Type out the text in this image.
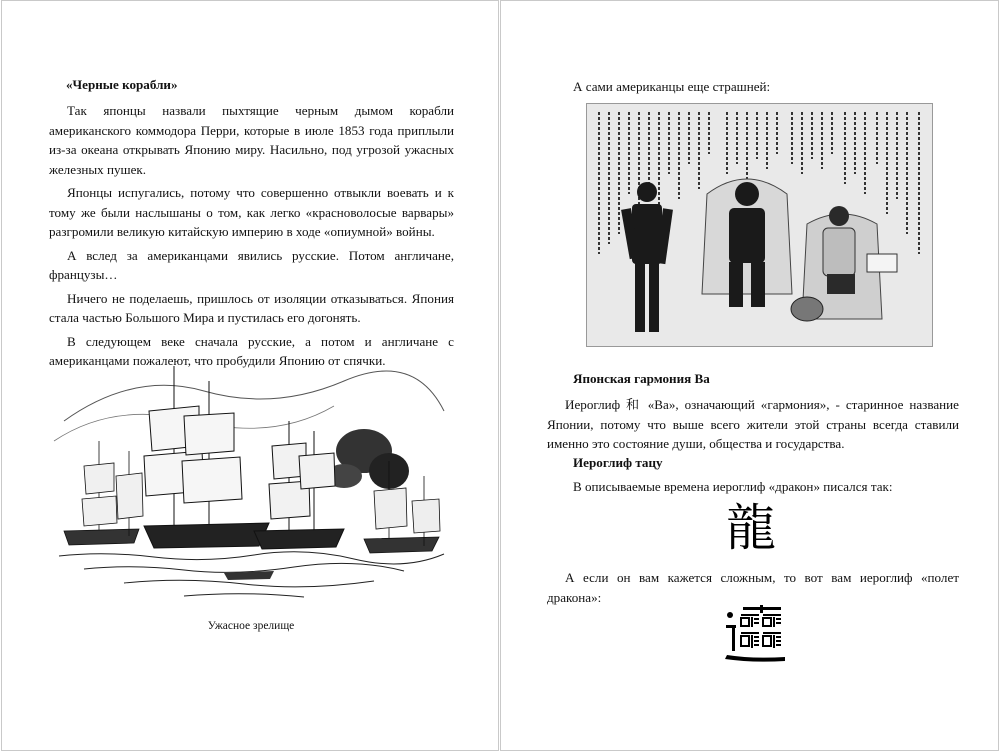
«Черные корабли»

Так японцы назвали пыхтящие черным дымом корабли американского коммодора Перри, которые в июле 1853 года приплыли из-за океана открывать Японию миру. Насильно, под угрозой ужасных железных пушек.

Японцы испугались, потому что совершенно отвыкли воевать и к тому же были наслышаны о том, как легко «красноволосые варвары» разгромили великую китайскую империю в ходе «опиумной» войны.

А вслед за американцами явились русские. Потом англичане, французы…

Ничего не поделаешь, пришлось от изоляции отказываться. Япония стала частью Большого Мира и пустилась его догонять.

В следующем веке сначала русские, а потом и англичане с американцами пожалеют, что пробудили Японию от спячки.

Ужасное зрелище
А сами американцы еще страшней:
Японская гармония Ва
Иероглиф 和 «Ва», означающий «гармония», - старинное название Японии, потому что выше всего жители этой страны всегда ставили именно это состояние души, общества и государства.
Иероглиф тацу
В описываемые времена иероглиф «дракон» писался так:
龍
А если он вам кажется сложным, то вот вам иероглиф «полет дракона»:
